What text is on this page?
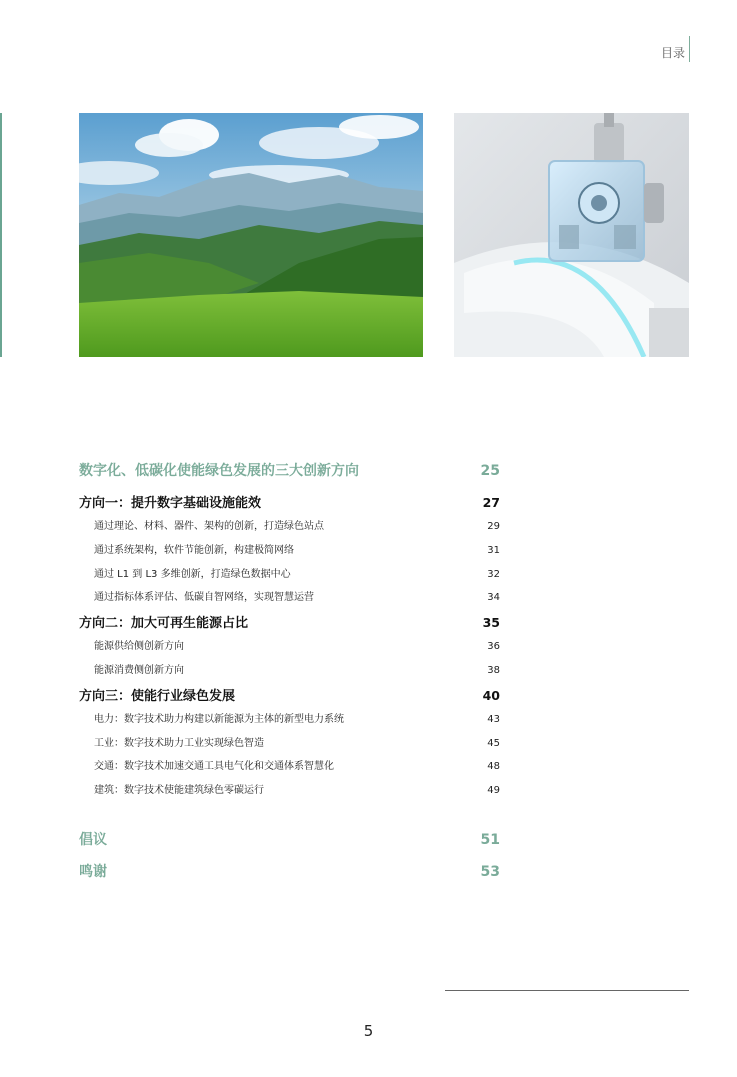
目录
数字化、低碳化使能绿色发展的三大创新方向	25
方向一：提升数字基础设施能效	27
通过理论、材料、器件、架构的创新，打造绿色站点	29
通过系统架构，软件节能创新，构建极简网络	31
通过 L1 到 L3 多维创新，打造绿色数据中心	32
通过指标体系评估、低碳自智网络，实现智慧运营	34
方向二：加大可再生能源占比	35
能源供给侧创新方向	36
能源消费侧创新方向	38
方向三：使能行业绿色发展	40
电力：数字技术助力构建以新能源为主体的新型电力系统	43
工业：数字技术助力工业实现绿色智造	45
交通：数字技术加速交通工具电气化和交通体系智慧化	48
建筑：数字技术使能建筑绿色零碳运行	49
倡议	51
鸣谢	53
5
